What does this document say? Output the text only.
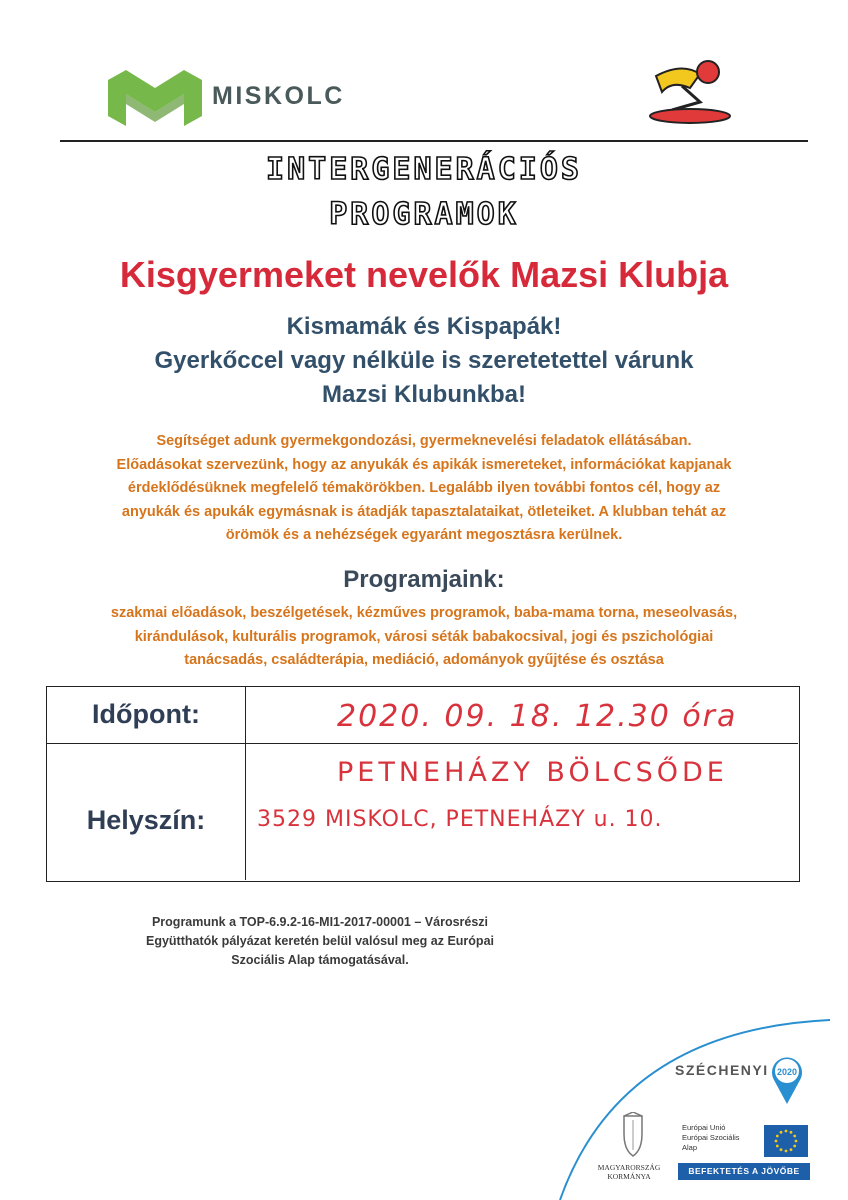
MISKOLC
INTERGENERÁCIÓS
PROGRAMOK
Kisgyermeket nevelők Mazsi Klubja
Kismamák és Kispapák!
Gyerkőccel vagy nélküle is szeretetettel várunk
Mazsi Klubunkba!
Segítséget adunk gyermekgondozási, gyermeknevelési feladatok ellátásában.
Előadásokat szervezünk, hogy az anyukák és apikák ismereteket, információkat kapjanak
érdeklődésüknek megfelelő témakörökben. Legalább ilyen további fontos cél, hogy az
anyukák és apukák egymásnak is átadják tapasztalataikat, ötleteiket. A klubban tehát az
örömök és a nehézségek egyaránt megosztásra kerülnek.
Programjaink:
szakmai előadások, beszélgetések, kézműves programok, baba-mama torna, meseolvasás,
kirándulások, kulturális programok, városi séták babakocsival, jogi és pszichológiai
tanácsadás, családterápia, mediáció, adományok gyűjtése és osztása
Időpont:
Helyszín:
2020. 09. 18. 12.30 óra
PETNEHÁZY BÖLCSŐDE
3529 MISKOLC, PETNEHÁZY u. 10.
Programunk a TOP-6.9.2-16-MI1-2017-00001 – Városrészi
Együtthatók pályázat keretén belül valósul meg az Európai
Szociális Alap támogatásával.
SZÉCHENYI 2020
MAGYARORSZÁG
KORMÁNYA
Európai Unió
Európai Szociális
Alap
BEFEKTETÉS A JÖVŐBE
